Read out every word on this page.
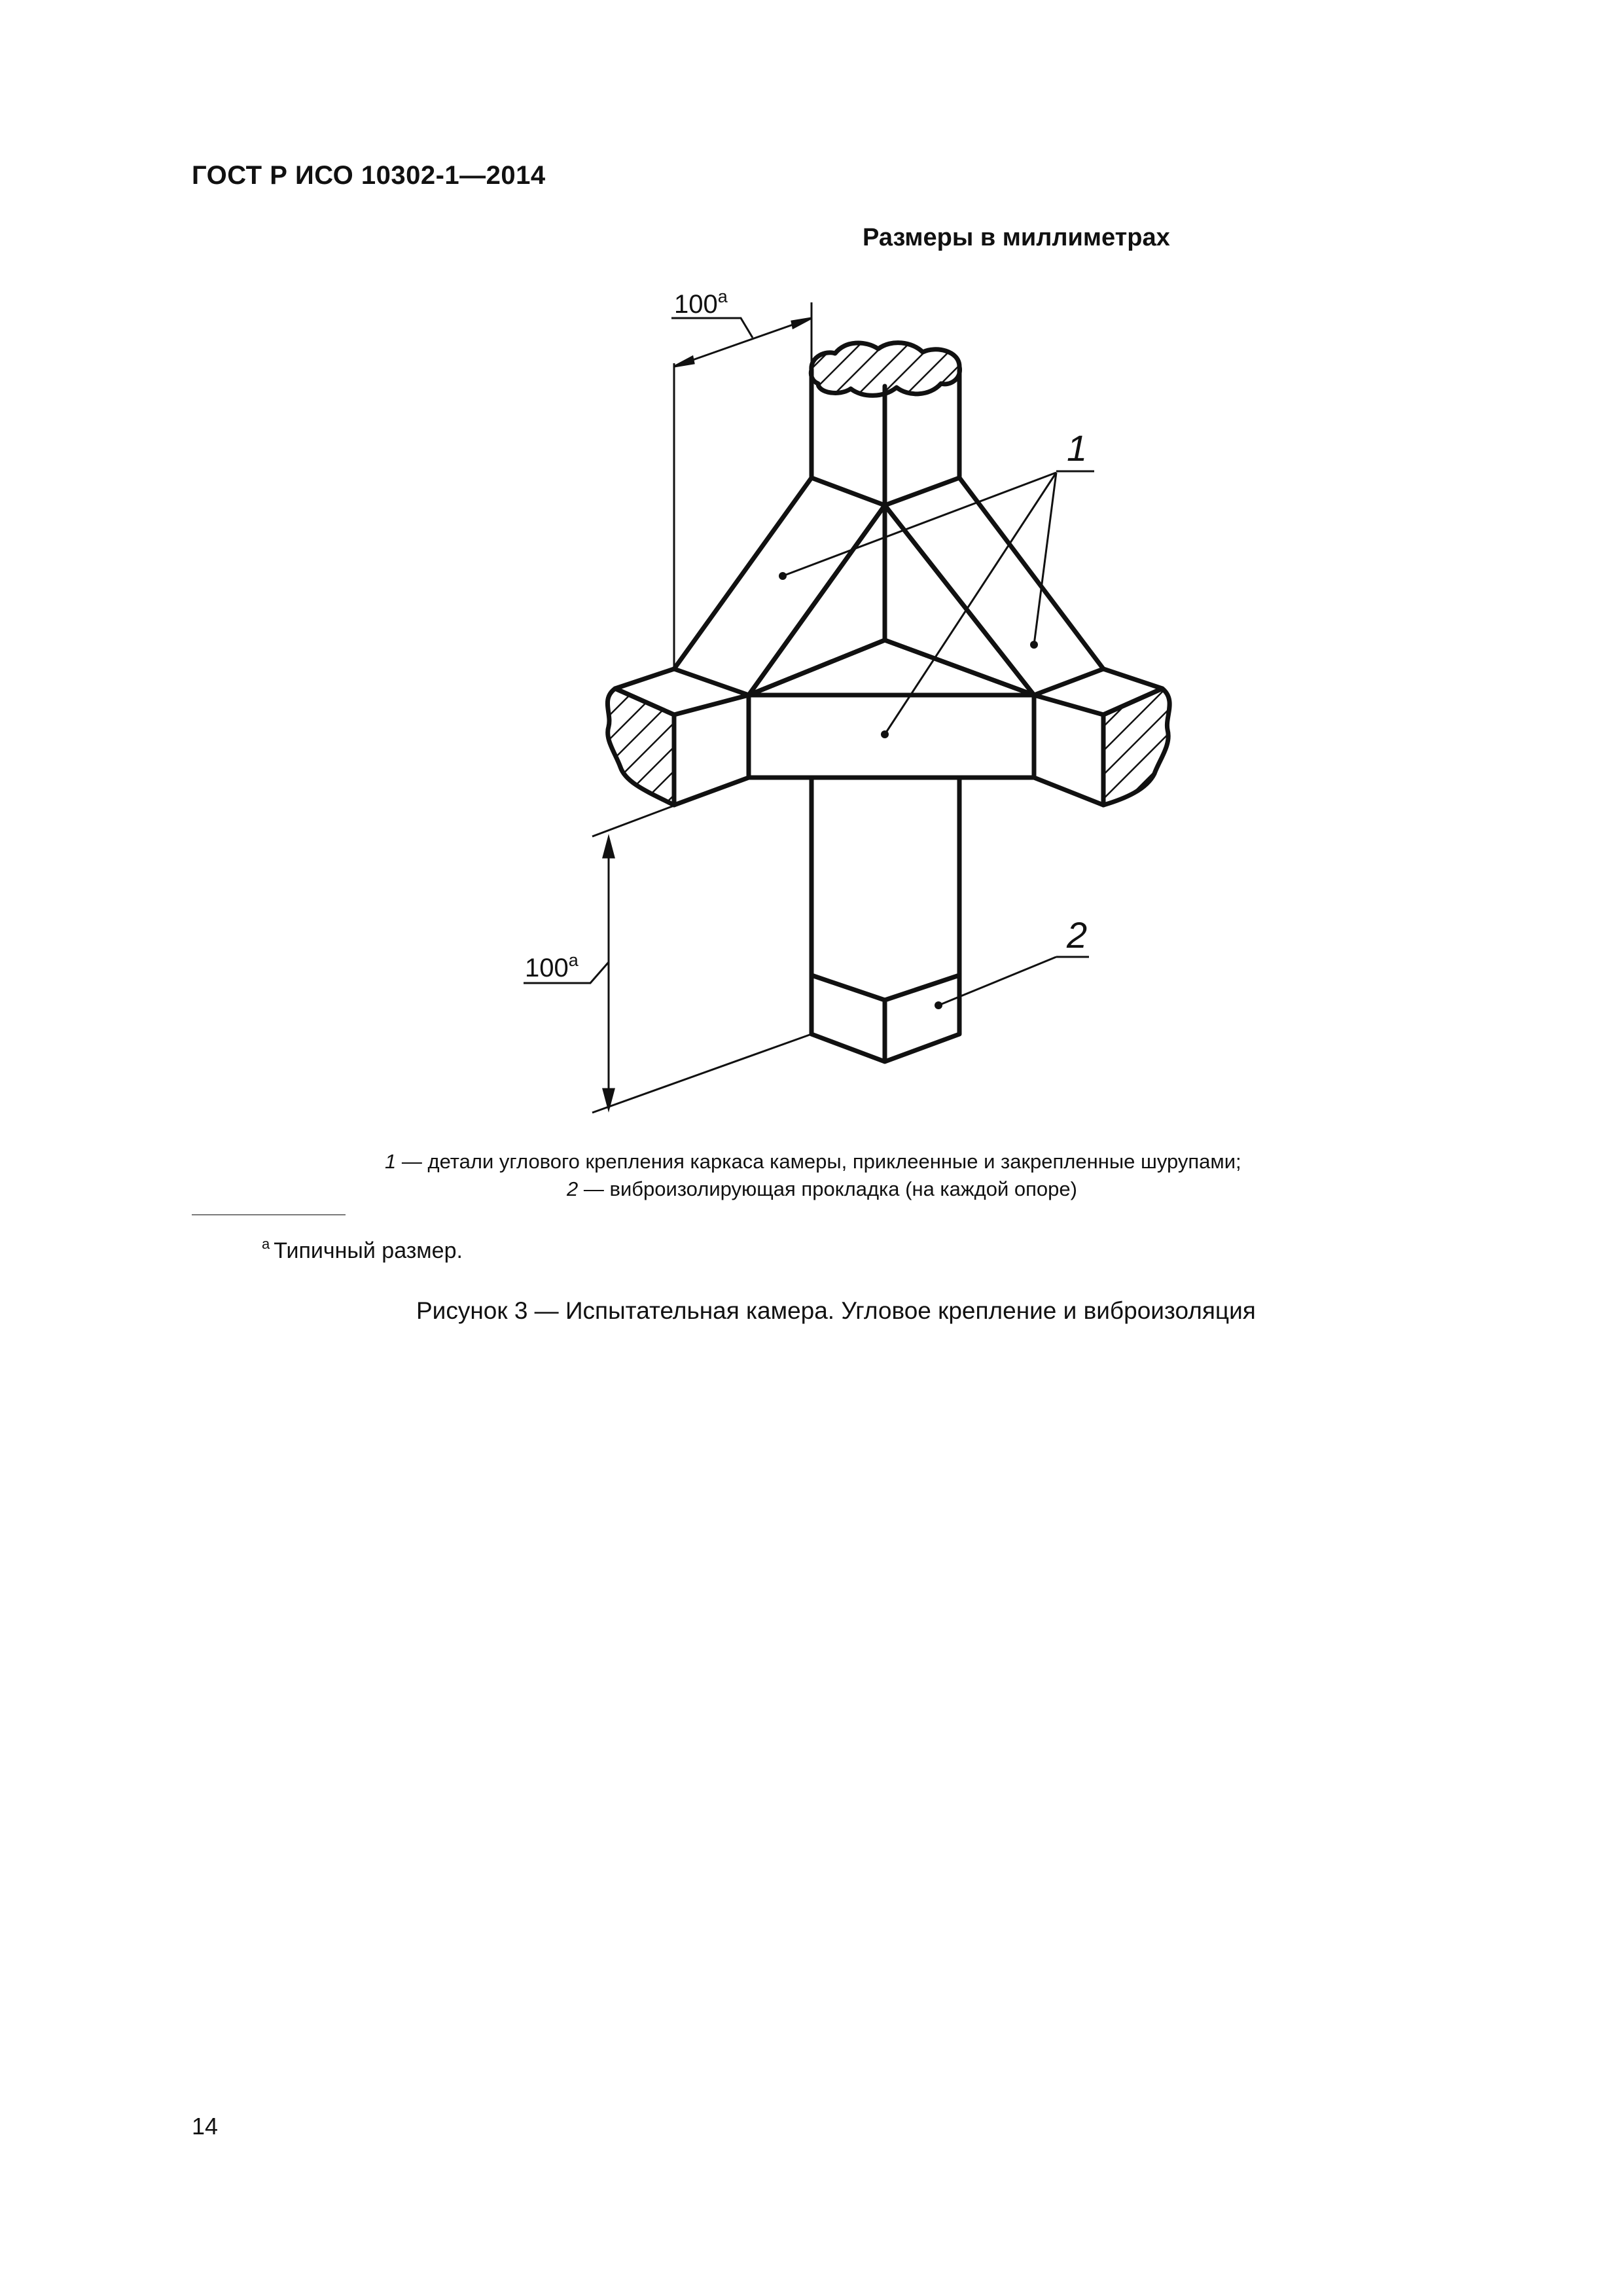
ГОСТ Р ИСО 10302-1—2014
Размеры в миллиметрах
$100^а$
$100^а$
1
2
1 — детали углового крепления каркаса камеры, приклеенные и закрепленные шурупами;
2 — виброизолирующая прокладка (на каждой опоре)
$^а$ Типичный размер.
Рисунок 3 — Испытательная камера. Угловое крепление и виброизоляция
14
